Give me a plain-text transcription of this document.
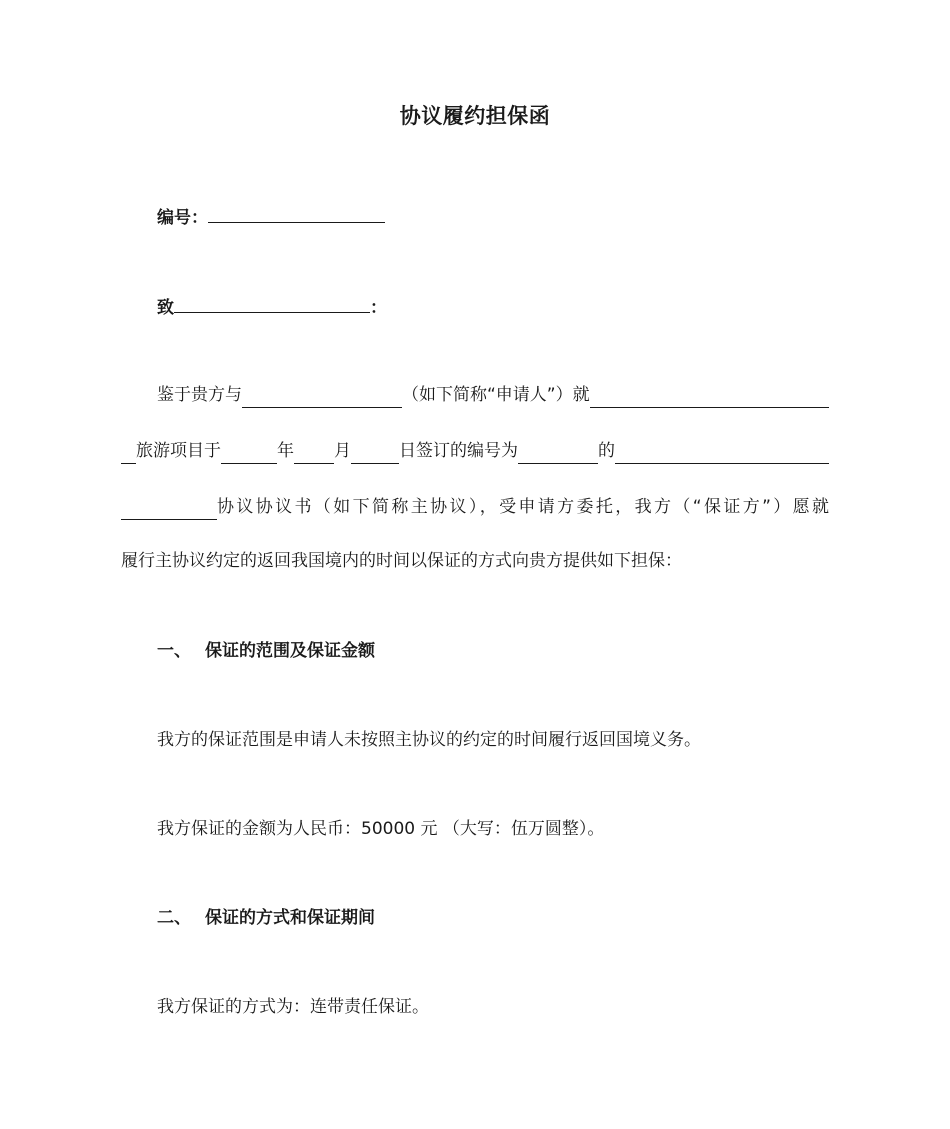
协议履约担保函
编号：
致	：
鉴于贵方与	（如下简称“申请人”）就
旅游项目于	年 月	日签订的编号为	的
协议协议书（如下简称主协议），受申请方委托，我方（“保证方”）愿就
履行主协议约定的返回我国境内的时间以保证的方式向贵方提供如下担保：
一、 保证的范围及保证金额
我方的保证范围是申请人未按照主协议的约定的时间履行返回国境义务。
我方保证的金额为人民币：50000 元 （大写：伍万圆整）。
二、 保证的方式和保证期间
我方保证的方式为：连带责任保证。
